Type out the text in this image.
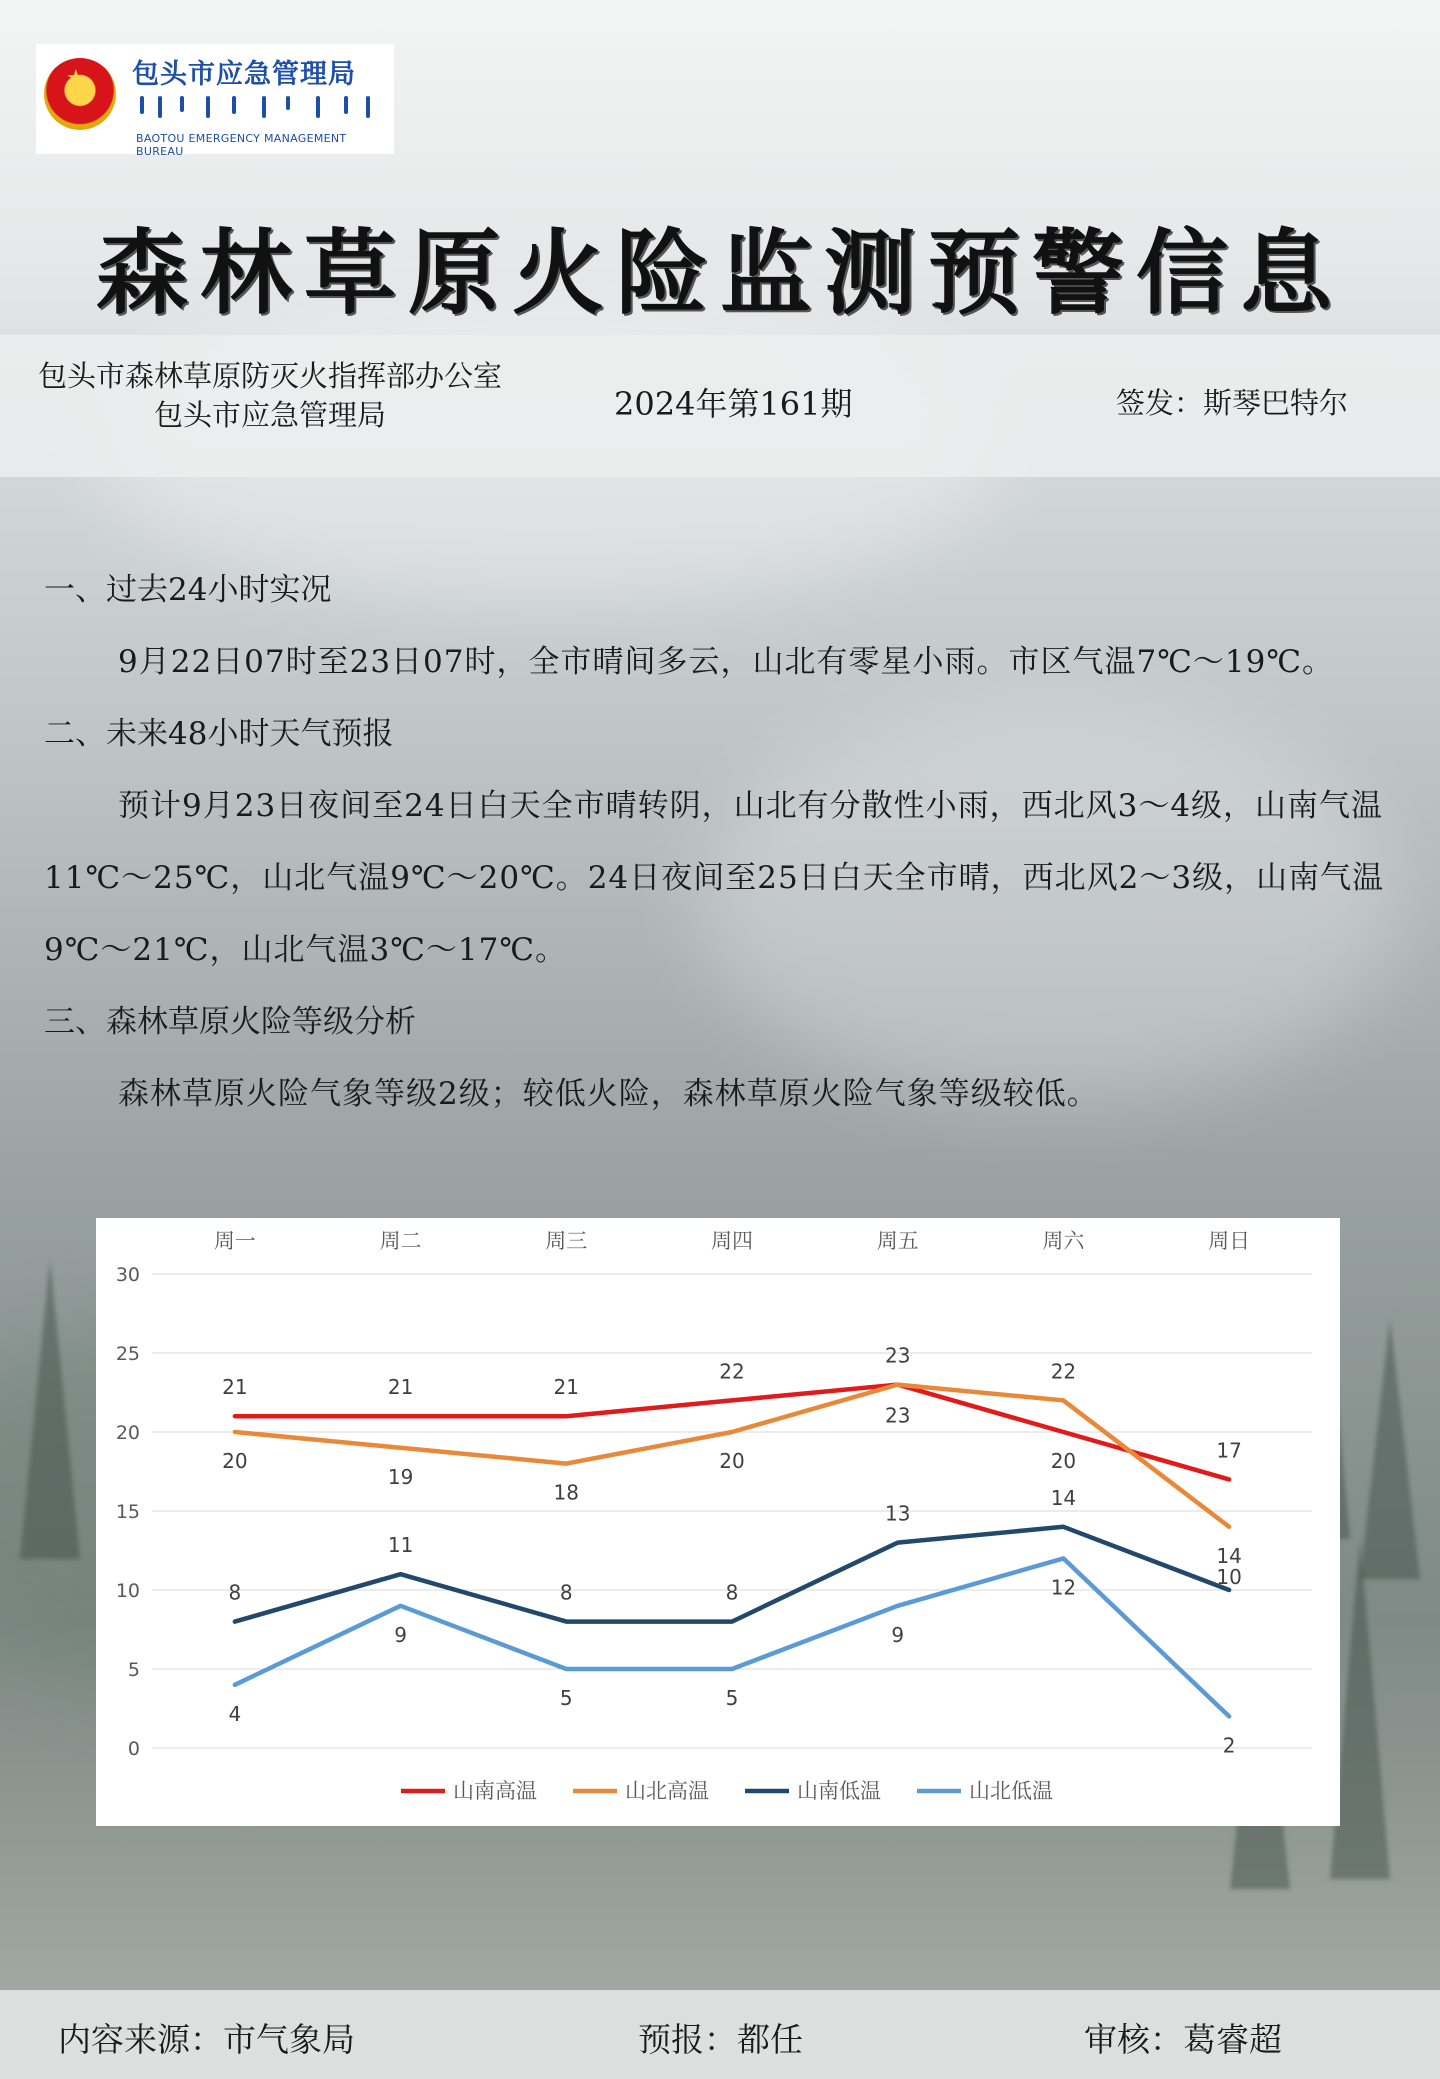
★ 包头市应急管理局
BAOTOU EMERGENCY MANAGEMENT BUREAU
森林草原火险监测预警信息
包头市森林草原防灭火指挥部办公室
包头市应急管理局	2024年第161期	签发：斯琴巴特尔

一、过去24小时实况

9月22日07时至23日07时，全市晴间多云，山北有零星小雨。市区气温7℃～19℃。

二、未来48小时天气预报

预计9月23日夜间至24日白天全市晴转阴，山北有分散性小雨，西北风3～4级，山南气温11℃～25℃，山北气温9℃～20℃。24日夜间至25日白天全市晴，西北风2～3级，山南气温9℃～21℃，山北气温3℃～17℃。

三、森林草原火险等级分析

森林草原火险气象等级2级；较低火险，森林草原火险气象等级较低。

0
5
10
15
20
25
30
周一	周二	周三	周四	周五	周六	周日
21	21	21
22
23
20	17
20
19
18
20
23
22
14
8
11
8	8
13
14
10
4
9
5	5
9
12
2
山南高温	山北高温	山南低温	山北低温
内容来源：市气象局	预报：都任	审核：葛睿超
